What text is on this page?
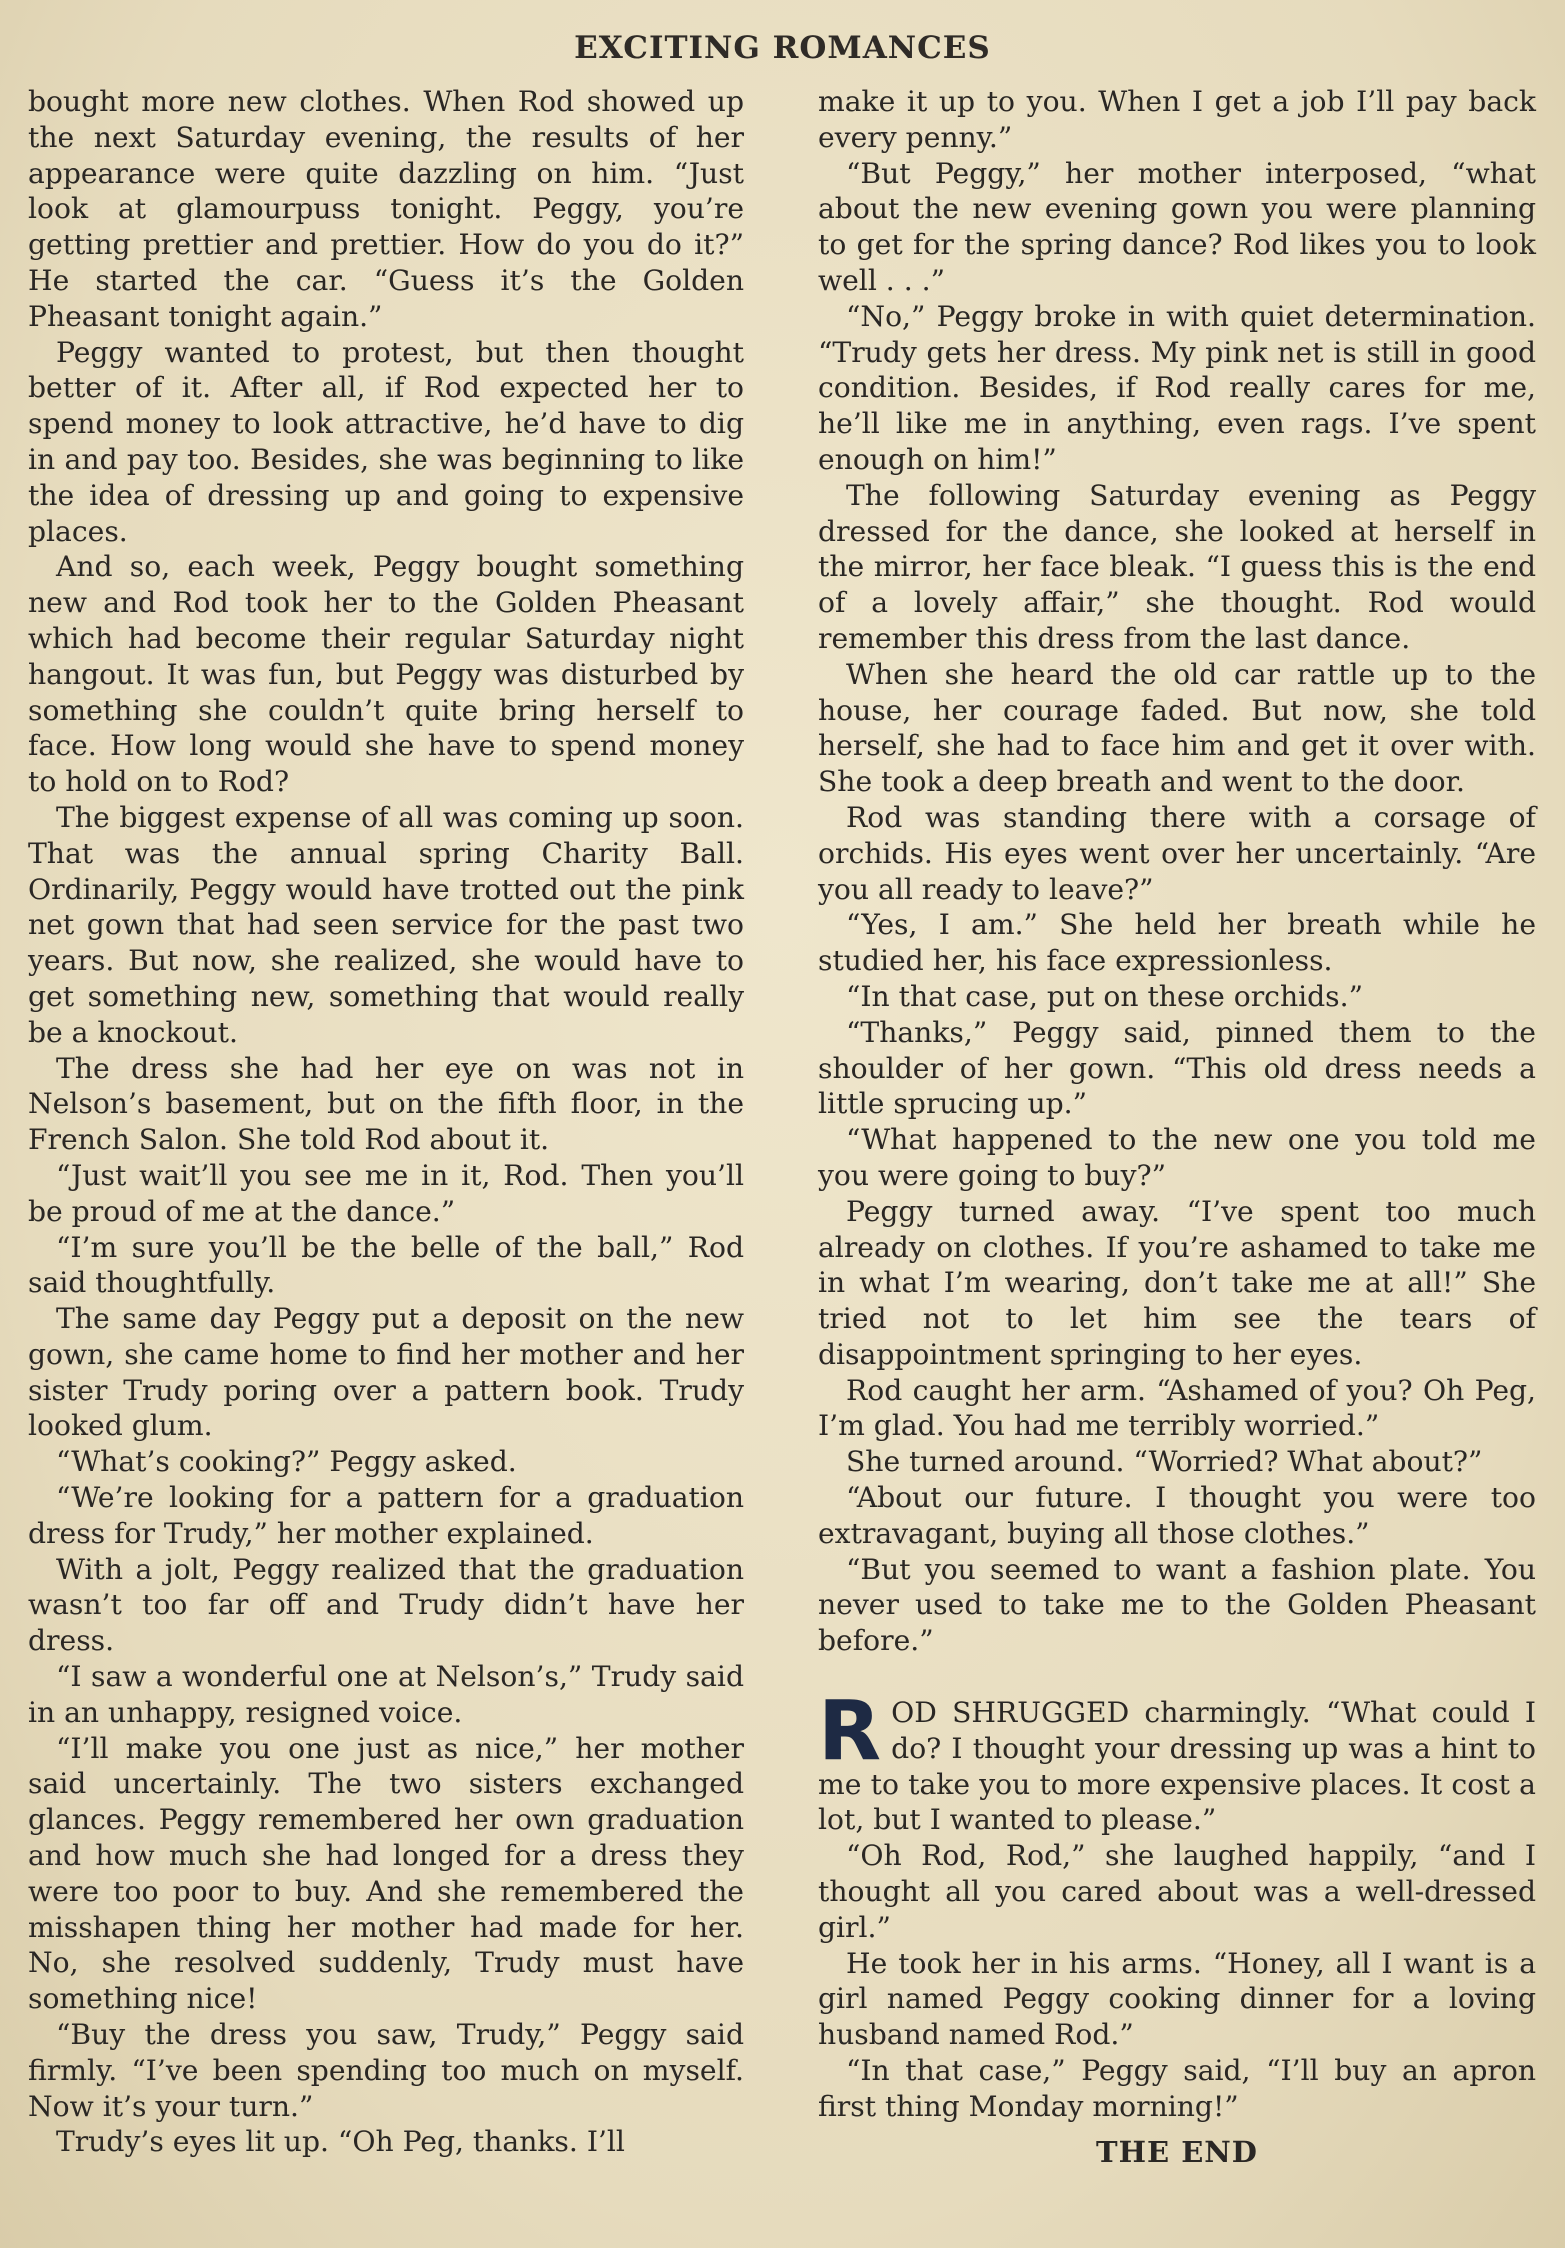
EXCITING ROMANCES

bought more new clothes. When Rod showed up the next Saturday evening, the results of her appearance were quite dazzling on him. “Just look at glamourpuss tonight. Peggy, you’re getting prettier and prettier. How do you do it?” He started the car. “Guess it’s the Golden Pheasant tonight again.”

Peggy wanted to protest, but then thought better of it. After all, if Rod expected her to spend money to look attractive, he’d have to dig in and pay too. Besides, she was beginning to like the idea of dressing up and going to expensive places.

And so, each week, Peggy bought something new and Rod took her to the Golden Pheasant which had become their regular Saturday night hangout. It was fun, but Peggy was disturbed by something she couldn’t quite bring herself to face. How long would she have to spend money to hold on to Rod?

The biggest expense of all was coming up soon. That was the annual spring Charity Ball. Ordinarily, Peggy would have trotted out the pink net gown that had seen service for the past two years. But now, she realized, she would have to get something new, something that would really be a knockout.

The dress she had her eye on was not in Nelson’s basement, but on the fifth floor, in the French Salon. She told Rod about it.

“Just wait’ll you see me in it, Rod. Then you’ll be proud of me at the dance.”

“I’m sure you’ll be the belle of the ball,” Rod said thoughtfully.

The same day Peggy put a deposit on the new gown, she came home to find her mother and her sister Trudy poring over a pattern book. Trudy looked glum.

“What’s cooking?” Peggy asked.

“We’re looking for a pattern for a graduation dress for Trudy,” her mother explained.

With a jolt, Peggy realized that the graduation wasn’t too far off and Trudy didn’t have her dress.

“I saw a wonderful one at Nelson’s,” Trudy said in an unhappy, resigned voice.

“I’ll make you one just as nice,” her mother said uncertainly. The two sisters exchanged glances. Peggy remembered her own graduation and how much she had longed for a dress they were too poor to buy. And she remembered the misshapen thing her mother had made for her. No, she resolved suddenly, Trudy must have something nice!

“Buy the dress you saw, Trudy,” Peggy said firmly. “I’ve been spending too much on myself. Now it’s your turn.”

Trudy’s eyes lit up. “Oh Peg, thanks. I’ll

make it up to you. When I get a job I’ll pay back every penny.”

“But Peggy,” her mother interposed, “what about the new evening gown you were planning to get for the spring dance? Rod likes you to look well . . .”

“No,” Peggy broke in with quiet determination. “Trudy gets her dress. My pink net is still in good condition. Besides, if Rod really cares for me, he’ll like me in anything, even rags. I’ve spent enough on him!”

The following Saturday evening as Peggy dressed for the dance, she looked at herself in the mirror, her face bleak. “I guess this is the end of a lovely affair,” she thought. Rod would remember this dress from the last dance.

When she heard the old car rattle up to the house, her courage faded. But now, she told herself, she had to face him and get it over with. She took a deep breath and went to the door.

Rod was standing there with a corsage of orchids. His eyes went over her uncertainly. “Are you all ready to leave?”

“Yes, I am.” She held her breath while he studied her, his face expressionless.

“In that case, put on these orchids.”

“Thanks,” Peggy said, pinned them to the shoulder of her gown. “This old dress needs a little sprucing up.”

“What happened to the new one you told me you were going to buy?”

Peggy turned away. “I’ve spent too much already on clothes. If you’re ashamed to take me in what I’m wearing, don’t take me at all!” She tried not to let him see the tears of disappointment springing to her eyes.

Rod caught her arm. “Ashamed of you? Oh Peg, I’m glad. You had me terribly worried.”

She turned around. “Worried? What about?”

“About our future. I thought you were too extravagant, buying all those clothes.”

“But you seemed to want a fashion plate. You never used to take me to the Golden Pheasant before.”

ROD SHRUGGED charmingly. “What could I do? I thought your dressing up was a hint to me to take you to more expensive places. It cost a lot, but I wanted to please.”

“Oh Rod, Rod,” she laughed happily, “and I thought all you cared about was a well-dressed girl.”

He took her in his arms. “Honey, all I want is a girl named Peggy cooking dinner for a loving husband named Rod.”

“In that case,” Peggy said, “I’ll buy an apron first thing Monday morning!”

THE END
